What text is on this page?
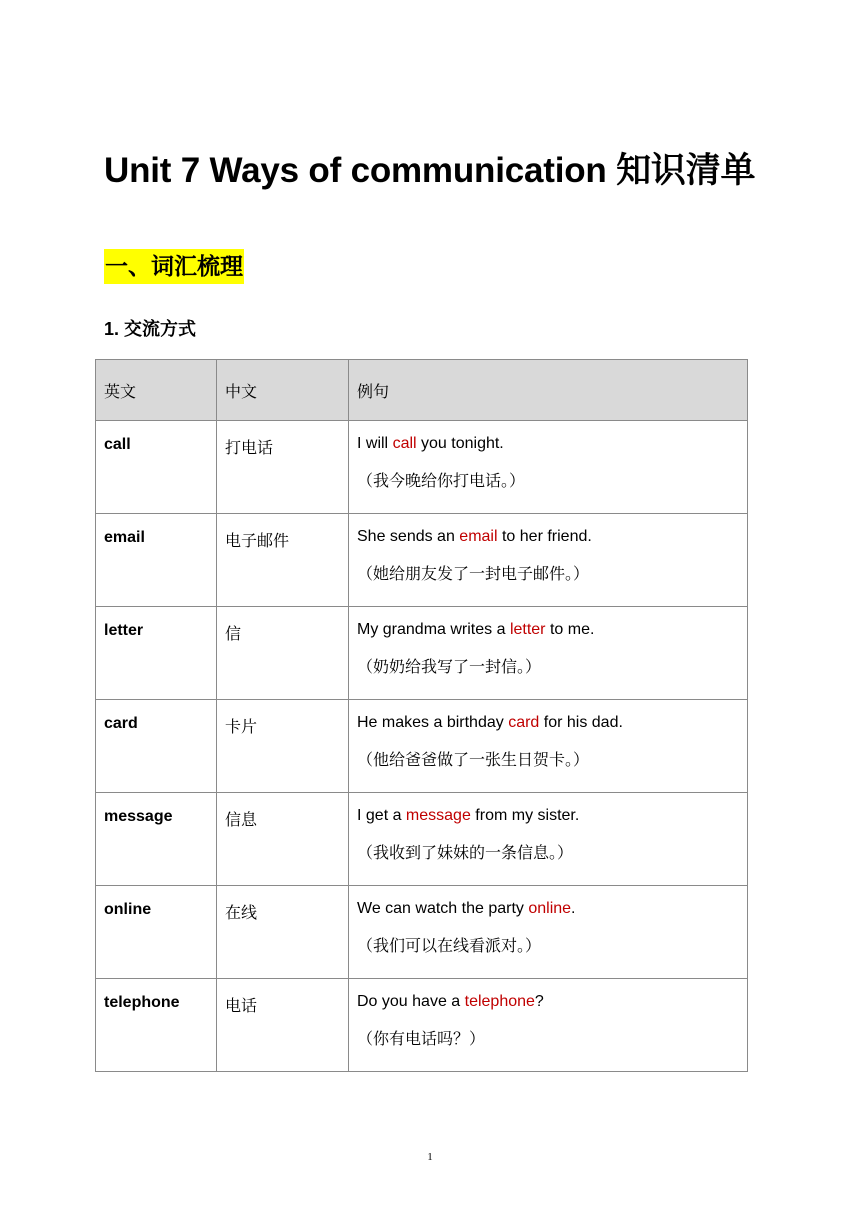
Unit 7 Ways of communication 知识清单
一、词汇梳理
1. 交流方式
英文	中文	例句

call	打电话	I will call you tonight.
（我今晚给你打电话。）

email	电子邮件	She sends an email to her friend.
（她给朋友发了一封电子邮件。）

letter	信	My grandma writes a letter to me.
（奶奶给我写了一封信。）

card	卡片	He makes a birthday card for his dad.
（他给爸爸做了一张生日贺卡。）

message	信息	I get a message from my sister.
（我收到了妹妹的一条信息。）

online	在线	We can watch the party online.
（我们可以在线看派对。）

telephone	电话	Do you have a telephone?
（你有电话吗？）
1
